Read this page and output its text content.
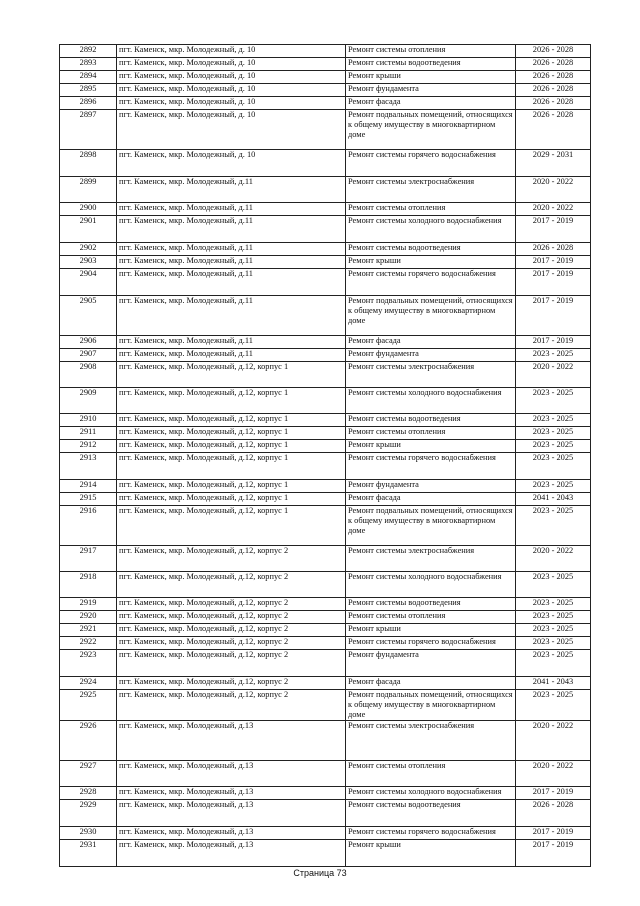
2892	пгт. Каменск, мкр. Молодежный, д. 10	Ремонт системы отопления	2026 - 2028
2893	пгт. Каменск, мкр. Молодежный, д. 10	Ремонт системы водоотведения	2026 - 2028
2894	пгт. Каменск, мкр. Молодежный, д. 10	Ремонт крыши	2026 - 2028
2895	пгт. Каменск, мкр. Молодежный, д. 10	Ремонт фундамента	2026 - 2028
2896	пгт. Каменск, мкр. Молодежный, д. 10	Ремонт фасада	2026 - 2028
2897	пгт. Каменск, мкр. Молодежный, д. 10	Ремонт подвальных помещений, относящихся к общему имуществу в многоквартирном доме	2026 - 2028
2898	пгт. Каменск, мкр. Молодежный, д. 10	Ремонт системы горячего водоснабжения	2029 - 2031
2899	пгт. Каменск, мкр. Молодежный, д.11	Ремонт системы электроснабжения	2020 - 2022
2900	пгт. Каменск, мкр. Молодежный, д.11	Ремонт системы отопления	2020 - 2022
2901	пгт. Каменск, мкр. Молодежный, д.11	Ремонт системы холодного водоснабжения	2017 - 2019
2902	пгт. Каменск, мкр. Молодежный, д.11	Ремонт системы водоотведения	2026 - 2028
2903	пгт. Каменск, мкр. Молодежный, д.11	Ремонт крыши	2017 - 2019
2904	пгт. Каменск, мкр. Молодежный, д.11	Ремонт системы горячего водоснабжения	2017 - 2019
2905	пгт. Каменск, мкр. Молодежный, д.11	Ремонт подвальных помещений, относящихся к общему имуществу в многоквартирном доме	2017 - 2019
2906	пгт. Каменск, мкр. Молодежный, д.11	Ремонт фасада	2017 - 2019
2907	пгт. Каменск, мкр. Молодежный, д.11	Ремонт фундамента	2023 - 2025
2908	пгт. Каменск, мкр. Молодежный, д.12, корпус 1	Ремонт системы электроснабжения	2020 - 2022
2909	пгт. Каменск, мкр. Молодежный, д.12, корпус 1	Ремонт системы холодного водоснабжения	2023 - 2025
2910	пгт. Каменск, мкр. Молодежный, д.12, корпус 1	Ремонт системы водоотведения	2023 - 2025
2911	пгт. Каменск, мкр. Молодежный, д.12, корпус 1	Ремонт системы отопления	2023 - 2025
2912	пгт. Каменск, мкр. Молодежный, д.12, корпус 1	Ремонт крыши	2023 - 2025
2913	пгт. Каменск, мкр. Молодежный, д.12, корпус 1	Ремонт системы горячего водоснабжения	2023 - 2025
2914	пгт. Каменск, мкр. Молодежный, д.12, корпус 1	Ремонт фундамента	2023 - 2025
2915	пгт. Каменск, мкр. Молодежный, д.12, корпус 1	Ремонт фасада	2041 - 2043
2916	пгт. Каменск, мкр. Молодежный, д.12, корпус 1	Ремонт подвальных помещений, относящихся к общему имуществу в многоквартирном доме	2023 - 2025
2917	пгт. Каменск, мкр. Молодежный, д.12, корпус 2	Ремонт системы электроснабжения	2020 - 2022
2918	пгт. Каменск, мкр. Молодежный, д.12, корпус 2	Ремонт системы холодного водоснабжения	2023 - 2025
2919	пгт. Каменск, мкр. Молодежный, д.12, корпус 2	Ремонт системы водоотведения	2023 - 2025
2920	пгт. Каменск, мкр. Молодежный, д.12, корпус 2	Ремонт системы отопления	2023 - 2025
2921	пгт. Каменск, мкр. Молодежный, д.12, корпус 2	Ремонт крыши	2023 - 2025
2922	пгт. Каменск, мкр. Молодежный, д.12, корпус 2	Ремонт системы горячего водоснабжения	2023 - 2025
2923	пгт. Каменск, мкр. Молодежный, д.12, корпус 2	Ремонт фундамента	2023 - 2025
2924	пгт. Каменск, мкр. Молодежный, д.12, корпус 2	Ремонт фасада	2041 - 2043
2925	пгт. Каменск, мкр. Молодежный, д.12, корпус 2	Ремонт подвальных помещений, относящихся к общему имуществу в многоквартирном доме	2023 - 2025
2926	пгт. Каменск, мкр. Молодежный, д.13	Ремонт системы электроснабжения	2020 - 2022
2927	пгт. Каменск, мкр. Молодежный, д.13	Ремонт системы отопления	2020 - 2022
2928	пгт. Каменск, мкр. Молодежный, д.13	Ремонт системы холодного водоснабжения	2017 - 2019
2929	пгт. Каменск, мкр. Молодежный, д.13	Ремонт системы водоотведения	2026 - 2028
2930	пгт. Каменск, мкр. Молодежный, д.13	Ремонт системы горячего водоснабжения	2017 - 2019
2931	пгт. Каменск, мкр. Молодежный, д.13	Ремонт крыши	2017 - 2019
Страница 73
